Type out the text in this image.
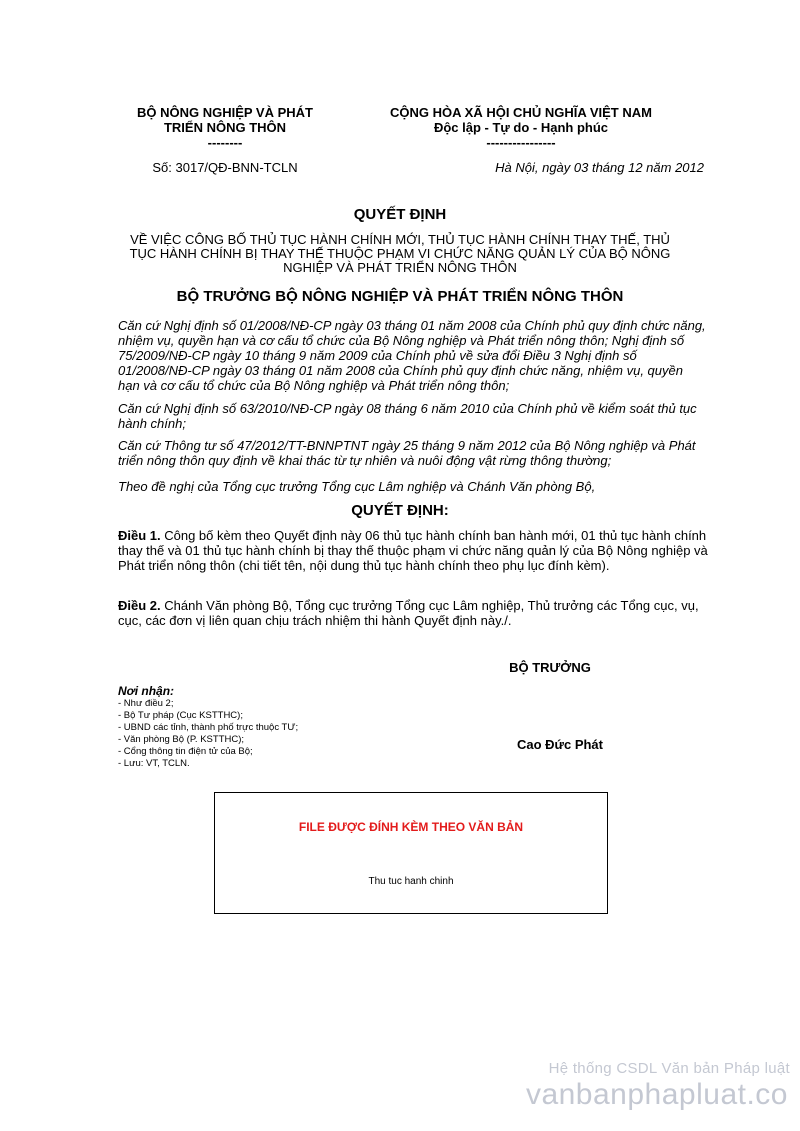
BỘ NÔNG NGHIỆP VÀ PHÁT
TRIỂN NÔNG THÔN
--------
CỘNG HÒA XÃ HỘI CHỦ NGHĨA VIỆT NAM
Độc lập - Tự do - Hạnh phúc
----------------
Số: 3017/QĐ-BNN-TCLN	Hà Nội, ngày 03 tháng 12 năm 2012
QUYẾT ĐỊNH
VỀ VIỆC CÔNG BỐ THỦ TỤC HÀNH CHÍNH MỚI, THỦ TỤC HÀNH CHÍNH THAY THẾ, THỦ TỤC HÀNH CHÍNH BỊ THAY THẾ THUỘC PHẠM VI CHỨC NĂNG QUẢN LÝ CỦA BỘ NÔNG NGHIỆP VÀ PHÁT TRIỂN NÔNG THÔN
BỘ TRƯỞNG BỘ NÔNG NGHIỆP VÀ PHÁT TRIỂN NÔNG THÔN
Căn cứ Nghị định số 01/2008/NĐ-CP ngày 03 tháng 01 năm 2008 của Chính phủ quy định chức năng, nhiệm vụ, quyền hạn và cơ cấu tổ chức của Bộ Nông nghiệp và Phát triển nông thôn; Nghị định số 75/2009/NĐ-CP ngày 10 tháng 9 năm 2009 của Chính phủ về sửa đổi Điều 3 Nghị định số 01/2008/NĐ-CP ngày 03 tháng 01 năm 2008 của Chính phủ quy định chức năng, nhiệm vụ, quyền hạn và cơ cấu tổ chức của Bộ Nông nghiệp và Phát triển nông thôn;
Căn cứ Nghị định số 63/2010/NĐ-CP ngày 08 tháng 6 năm 2010 của Chính phủ về kiểm soát thủ tục hành chính;
Căn cứ Thông tư số 47/2012/TT-BNNPTNT ngày 25 tháng 9 năm 2012 của Bộ Nông nghiệp và Phát triển nông thôn quy định về khai thác từ tự nhiên và nuôi động vật rừng thông thường;
Theo đề nghị của Tổng cục trưởng Tổng cục Lâm nghiệp và Chánh Văn phòng Bộ,
QUYẾT ĐỊNH:
Điều 1. Công bố kèm theo Quyết định này 06 thủ tục hành chính ban hành mới, 01 thủ tục hành chính thay thế và 01 thủ tục hành chính bị thay thế thuộc phạm vi chức năng quản lý của Bộ Nông nghiệp và Phát triển nông thôn (chi tiết tên, nội dung thủ tục hành chính theo phụ lục đính kèm).
Điều 2. Chánh Văn phòng Bộ, Tổng cục trưởng Tổng cục Lâm nghiệp, Thủ trưởng các Tổng cục, vụ, cục, các đơn vị liên quan chịu trách nhiệm thi hành Quyết định này./.
BỘ TRƯỞNG
Cao Đức Phát
Nơi nhận:
- Như điều 2;
- Bộ Tư pháp (Cục KSTTHC);
- UBND các tỉnh, thành phố trực thuộc TƯ;
- Văn phòng Bộ (P. KSTTHC);
- Cổng thông tin điện tử của Bộ;
- Lưu: VT, TCLN.
FILE ĐƯỢC ĐÍNH KÈM THEO VĂN BẢN
Thu tuc hanh chinh
Hệ thống CSDL Văn bản Pháp luật
vanbanphapluat.co
